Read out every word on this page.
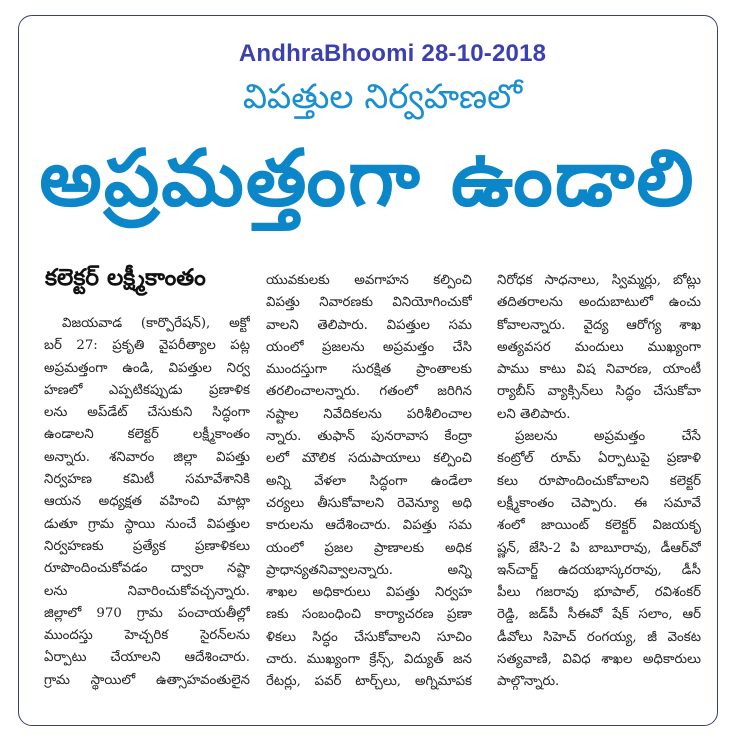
AndhraBhoomi 28-10-2018
విపత్తుల నిర్వహణలో
అప్రమత్తంగా ఉండాలి
కలెక్టర్ లక్ష్మీకాంతం
విజయవాడ (కార్పొరేషన్), అక్టో
బర్ 27: ప్రకృతి వైపరీత్యాల పట్ల
అప్రమత్తంగా ఉండి, విపత్తుల నిర్వ
హణలో ఎప్పటికప్పుడు ప్రణాళిక
లను అప్‌డేట్ చేసుకుని సిద్ధంగా
ఉండాలని కలెక్టర్ లక్ష్మీకాంతం
అన్నారు. శనివారం జిల్లా విపత్తు
నిర్వహణ కమిటీ సమావేశానికి
ఆయన అధ్యక్షత వహించి మాట్లా
డుతూ గ్రామ స్థాయి నుంచే విపత్తుల
నిర్వహణకు ప్రత్యేక ప్రణాళికలు
రూపొందించుకోవడం ద్వారా నష్టా
లను నివారించుకోవచ్చన్నారు.
జిల్లాలో 970 గ్రామ పంచాయతీల్లో
ముందస్తు హెచ్చరిక సైరన్‌లను
ఏర్పాటు చేయాలని ఆదేశించారు.
గ్రామ స్థాయిలో ఉత్సాహవంతులైన
యువకులకు అవగాహన కల్పించి
విపత్తు నివారణకు వినియోగించుకో
వాలని తెలిపారు. విపత్తుల సమ
యంలో ప్రజలను అప్రమత్తం చేసి
ముందస్తుగా సురక్షిత ప్రాంతాలకు
తరలించాలన్నారు. గతంలో జరిగిన
నష్టాల నివేదికలను పరిశీలించాల
న్నారు. తుఫాన్ పునరావాస కేంద్రా
లలో మౌలిక సదుపాయాలు కల్పించి
అన్ని వేళలా సిద్ధంగా ఉండేలా
చర్యలు తీసుకోవాలని రెవెన్యూ అధి
కారులను ఆదేశించారు. విపత్తు సమ
యంలో ప్రజల ప్రాణాలకు అధిక
ప్రాధాన్యతనివ్వాలన్నారు. అన్ని
శాఖల అధికారులు విపత్తు నిర్వహ
ణకు సంబంధించి కార్యాచరణ ప్రణా
ళికలు సిద్ధం చేసుకోవాలని సూచిం
చారు. ముఖ్యంగా క్రేన్స్, విద్యుత్ జన
రేటర్లు, పవర్ టార్చ్‌లు, అగ్నిమాపక
నిరోధక సాధనాలు, స్విమ్మర్లు, బోట్లు
తదితరాలను అందుబాటులో ఉంచు
కోవాలన్నారు. వైద్య ఆరోగ్య శాఖ
అత్యవసర మందులు ముఖ్యంగా
పాము కాటు విష నివారణ, యాంటీ
ర్యాబీస్ వ్యాక్సిన్‌లు సిద్ధం చేసుకోవా
లని తెలిపారు.
ప్రజలను అప్రమత్తం చేసే
కంట్రోల్ రూమ్ ఏర్పాటుపై ప్రణాళి
కలు రూపొందించుకోవాలని కలెక్టర్
లక్ష్మీకాంతం చెప్పారు. ఈ సమావే
శంలో జాయింట్ కలెక్టర్ విజయకృ
ష్ణన్, జేసి-2 పి బాబూరావు, డీఆర్‌వో
ఇన్‌చార్జ్ ఉదయభాస్కరరావు, డీసీ
పీలు గజరావు భూపాల్, రవిశంకర్
రెడ్డి, జడ్‌పీ సీఈవో షేక్ సలాం, ఆర్
డీవోలు సిహెచ్ రంగయ్య, జీ వెంకట
సత్యవాణి, వివిధ శాఖల అధికారులు
పాల్గొన్నారు.
